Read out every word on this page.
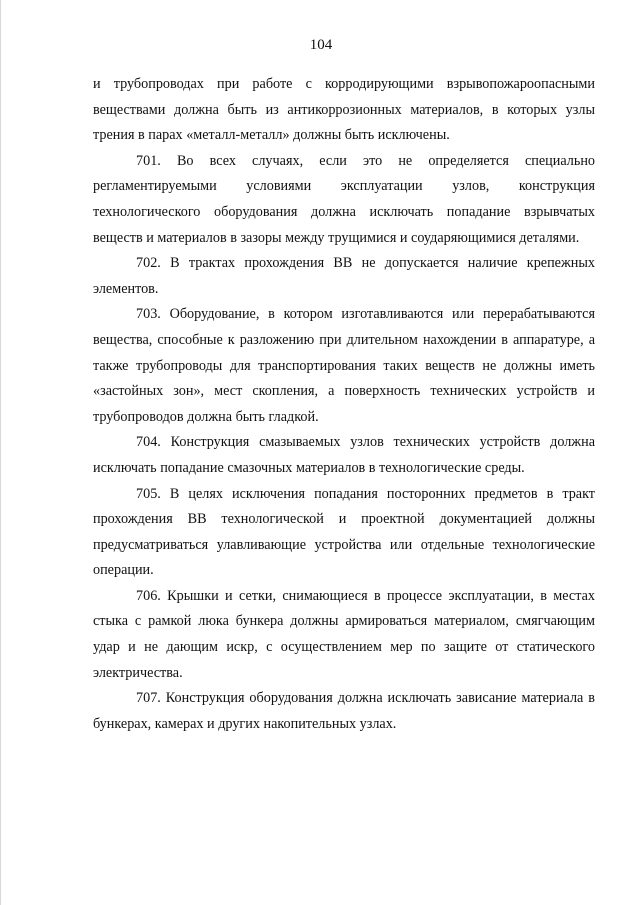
104

и трубопроводах при работе с корродирующими взрывопожароопасными веществами должна быть из антикоррозионных материалов, в которых узлы трения в парах «металл-металл» должны быть исключены.

701. Во всех случаях, если это не определяется специально регламентируемыми условиями эксплуатации узлов, конструкция технологического оборудования должна исключать попадание взрывчатых веществ и материалов в зазоры между трущимися и соударяющимися деталями.

702. В трактах прохождения ВВ не допускается наличие крепежных элементов.

703. Оборудование, в котором изготавливаются или перерабатываются вещества, способные к разложению при длительном нахождении в аппаратуре, а также трубопроводы для транспортирования таких веществ не должны иметь «застойных зон», мест скопления, а поверхность технических устройств и трубопроводов должна быть гладкой.

704. Конструкция смазываемых узлов технических устройств должна исключать попадание смазочных материалов в технологические среды.

705. В целях исключения попадания посторонних предметов в тракт прохождения ВВ технологической и проектной документацией должны предусматриваться улавливающие устройства или отдельные технологические операции.

706. Крышки и сетки, снимающиеся в процессе эксплуатации, в местах стыка с рамкой люка бункера должны армироваться материалом, смягчающим удар и не дающим искр, с осуществлением мер по защите от статического электричества.

707. Конструкция оборудования должна исключать зависание материала в бункерах, камерах и других накопительных узлах.
